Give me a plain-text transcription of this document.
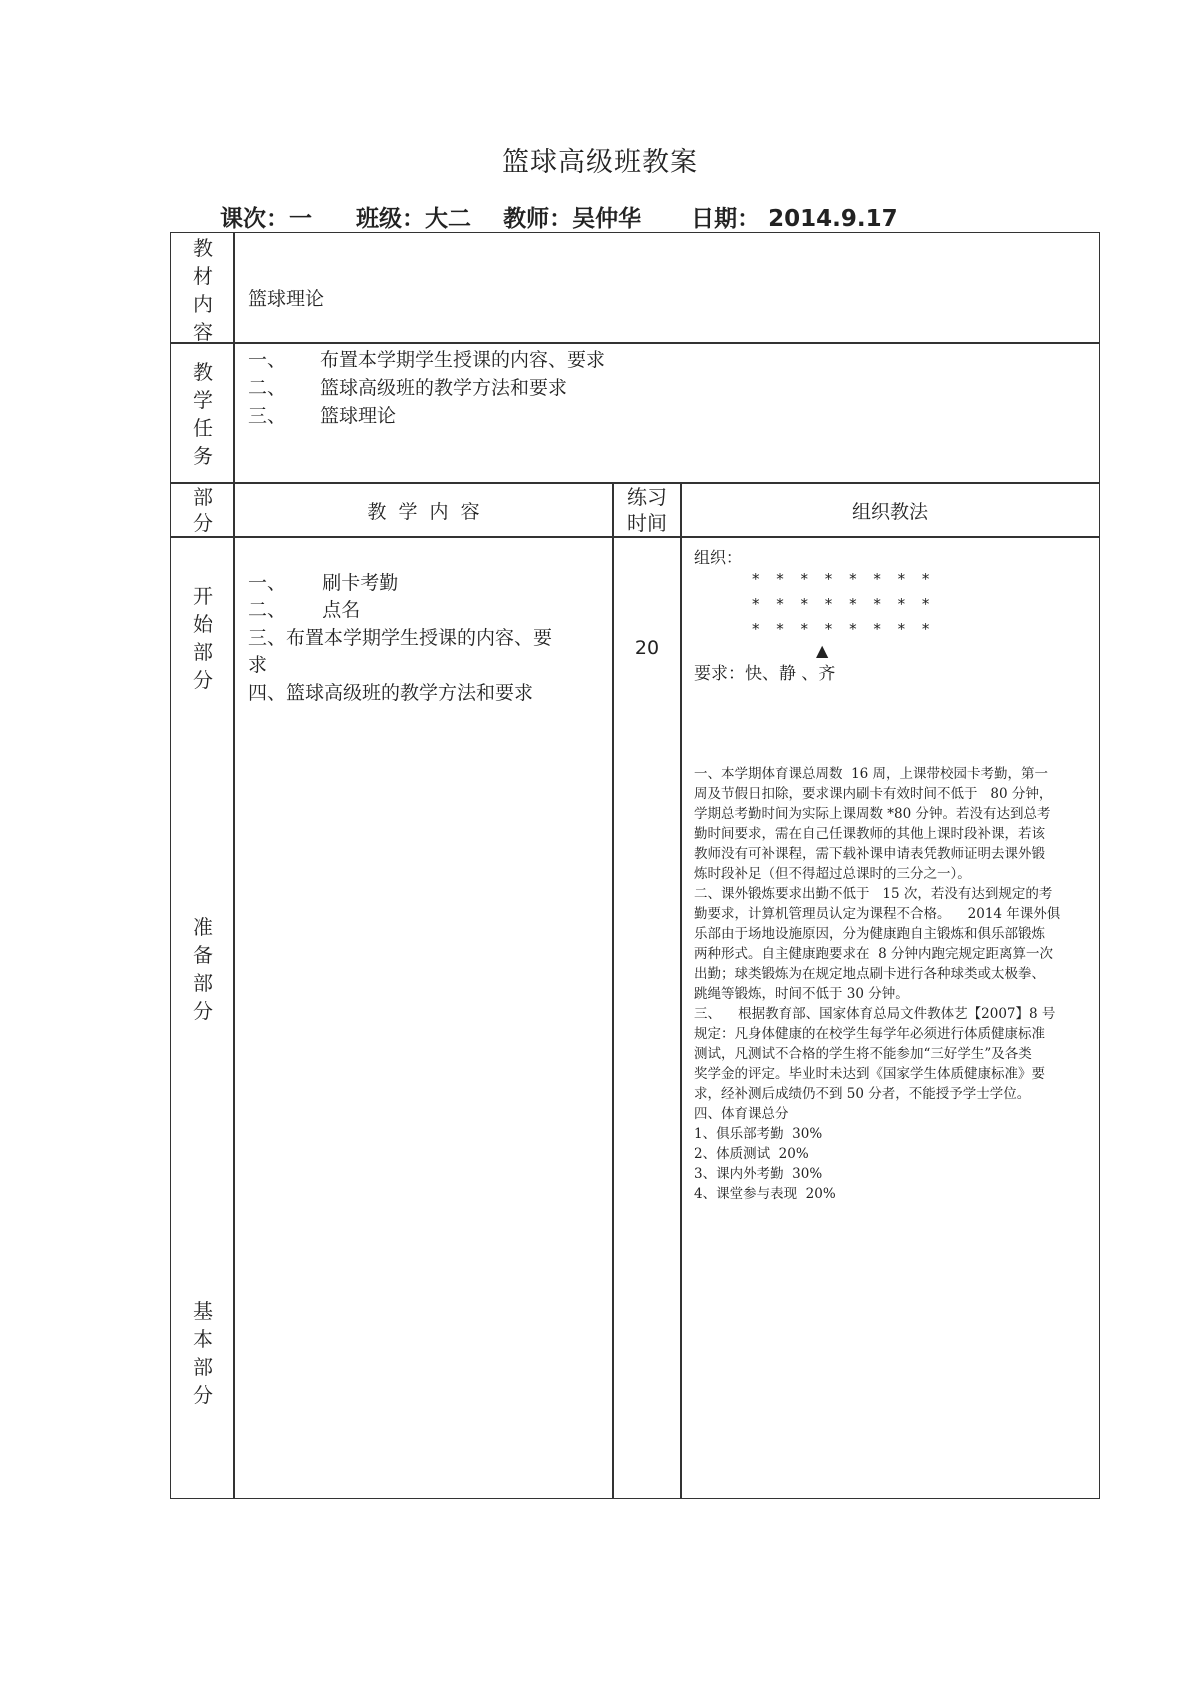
篮球高级班教案
课次：一 班级：大二 教师：吴仲华 日期： 2014.9.17
教
材
内
容
篮球理论
教
学
任
务
一、 布置本学期学生授课的内容、要求
二、 篮球高级班的教学方法和要求
三、 篮球理论
部
分	教  学  内  容
练习
时间	组织教法
开
始
部
分
准
备
部
分
基
本
部
分
一、      刷卡考勤
二、      点名
三、布置本学期学生授课的内容、要
求
四、篮球高级班的教学方法和要求
20
组织：
* * * * * * * *
* * * * * * * *
* * * * * * * *
▲
要求：快、静 、齐

一、本学期体育课总周数  16 周，上课带校园卡考勤，第一

周及节假日扣除，要求课内刷卡有效时间不低于   80 分钟，

学期总考勤时间为实际上课周数 *80 分钟。若没有达到总考

勤时间要求，需在自己任课教师的其他上课时段补课，若该

教师没有可补课程，需下载补课申请表凭教师证明去课外锻

炼时段补足（但不得超过总课时的三分之一）。

二、课外锻炼要求出勤不低于   15 次，若没有达到规定的考

勤要求，计算机管理员认定为课程不合格。    2014 年课外俱

乐部由于场地设施原因，分为健康跑自主锻炼和俱乐部锻炼

两种形式。自主健康跑要求在  8 分钟内跑完规定距离算一次

出勤；球类锻炼为在规定地点刷卡进行各种球类或太极拳、

跳绳等锻炼，时间不低于 30 分钟。

三、    根据教育部、国家体育总局文件教体艺【2007】8 号

规定：凡身体健康的在校学生每学年必须进行体质健康标准

测试，凡测试不合格的学生将不能参加“三好学生”及各类

奖学金的评定。毕业时未达到《国家学生体质健康标准》要

求，经补测后成绩仍不到 50 分者，不能授予学士学位。

四、体育课总分

1、俱乐部考勤  30%

2、体质测试  20%

3、课内外考勤  30%

4、课堂参与表现  20%
